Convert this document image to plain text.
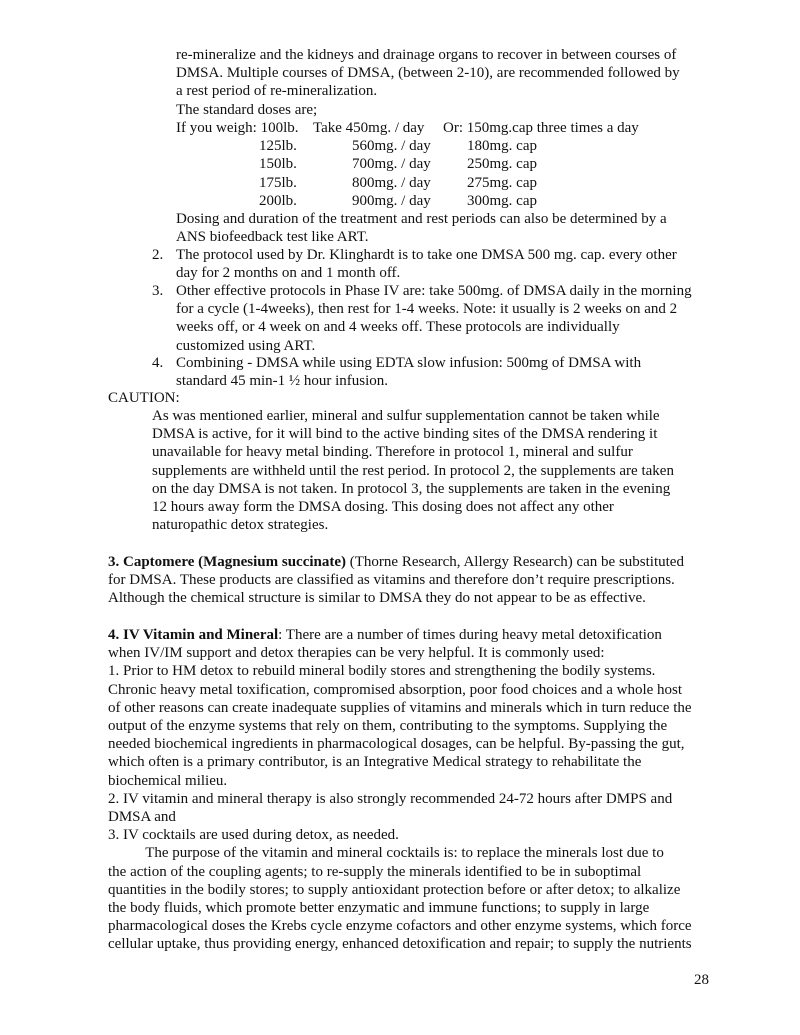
re-mineralize and the kidneys and drainage organs to recover in between courses of
DMSA. Multiple courses of DMSA, (between 2-10), are recommended followed by
a rest period of re-mineralization.
The standard doses are;
If you weigh: 100lb. Take 450mg. / day Or: 150mg.cap three times a day
125lb.	560mg. / day 180mg. cap
150lb.	700mg. / day 250mg. cap
175lb.	800mg. / day 275mg. cap
200lb.	900mg. / day 300mg. cap
Dosing and duration of the treatment and rest periods can also be determined by a
ANS biofeedback test like ART.
2. The protocol used by Dr. Klinghardt is to take one DMSA 500 mg. cap. every other
day for 2 months on and 1 month off.
3. Other effective protocols in Phase IV are: take 500mg. of DMSA daily in the morning
for a cycle (1-4weeks), then rest for 1-4 weeks. Note: it usually is 2 weeks on and 2
weeks off, or 4 week on and 4 weeks off. These protocols are individually
customized using ART.
4. Combining - DMSA while using EDTA slow infusion: 500mg of DMSA with
standard 45 min-1 ½ hour infusion.
CAUTION:
As was mentioned earlier, mineral and sulfur supplementation cannot be taken while
DMSA is active, for it will bind to the active binding sites of the DMSA rendering it
unavailable for heavy metal binding. Therefore in protocol 1, mineral and sulfur
supplements are withheld until the rest period. In protocol 2, the supplements are taken
on the day DMSA is not taken. In protocol 3, the supplements are taken in the evening
12 hours away form the DMSA dosing. This dosing does not affect any other
naturopathic detox strategies.
3. Captomere (Magnesium succinate) (Thorne Research, Allergy Research) can be substituted
for DMSA. These products are classified as vitamins and therefore don’t require prescriptions.
Although the chemical structure is similar to DMSA they do not appear to be as effective.
4. IV Vitamin and Mineral: There are a number of times during heavy metal detoxification
when IV/IM support and detox therapies can be very helpful. It is commonly used:
1. Prior to HM detox to rebuild mineral bodily stores and strengthening the bodily systems.
Chronic heavy metal toxification, compromised absorption, poor food choices and a whole host
of other reasons can create inadequate supplies of vitamins and minerals which in turn reduce the
output of the enzyme systems that rely on them, contributing to the symptoms. Supplying the
needed biochemical ingredients in pharmacological dosages, can be helpful. By-passing the gut,
which often is a primary contributor, is an Integrative Medical strategy to rehabilitate the
biochemical milieu.
2. IV vitamin and mineral therapy is also strongly recommended 24-72 hours after DMPS and
DMSA and
3. IV cocktails are used during detox, as needed.
The purpose of the vitamin and mineral cocktails is: to replace the minerals lost due to
the action of the coupling agents; to re-supply the minerals identified to be in suboptimal
quantities in the bodily stores; to supply antioxidant protection before or after detox; to alkalize
the body fluids, which promote better enzymatic and immune functions; to supply in large
pharmacological doses the Krebs cycle enzyme cofactors and other enzyme systems, which force
cellular uptake, thus providing energy, enhanced detoxification and repair; to supply the nutrients
28
